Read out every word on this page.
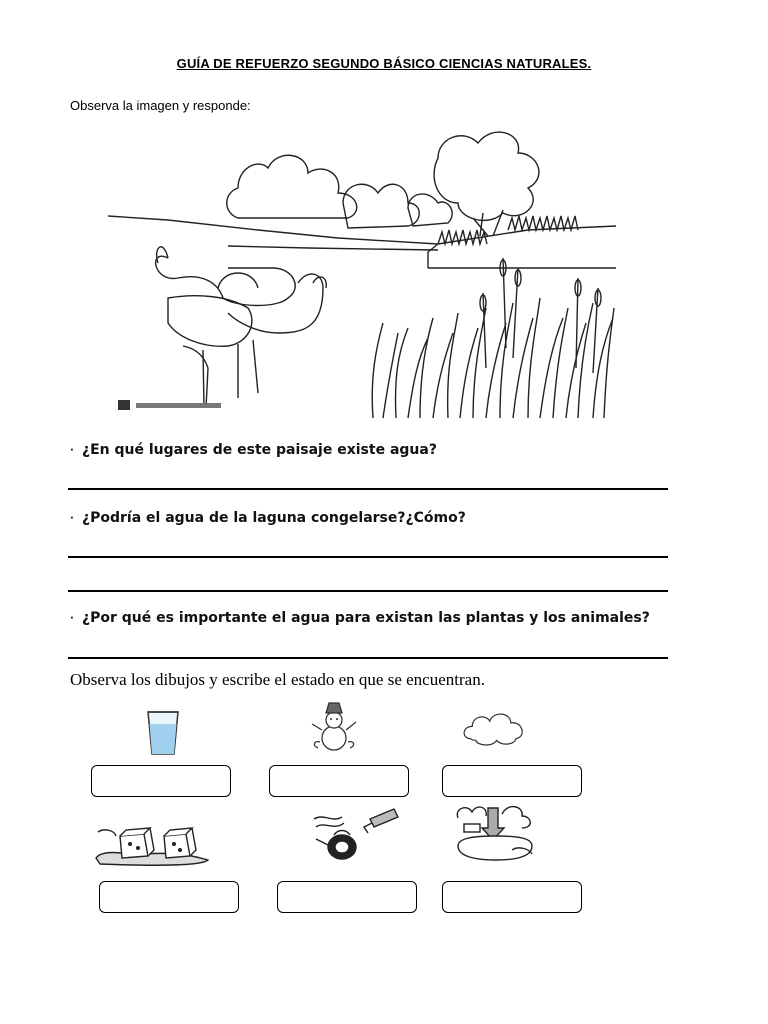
GUÍA DE REFUERZO SEGUNDO BÁSICO CIENCIAS NATURALES.
Observa la imagen y responde:
· ¿En qué lugares de este paisaje existe agua?
· ¿Podría el agua de la laguna congelarse?¿Cómo?
· ¿Por qué es importante el agua para existan las plantas y los animales?
Observa los dibujos y escribe el estado en que se encuentran.
